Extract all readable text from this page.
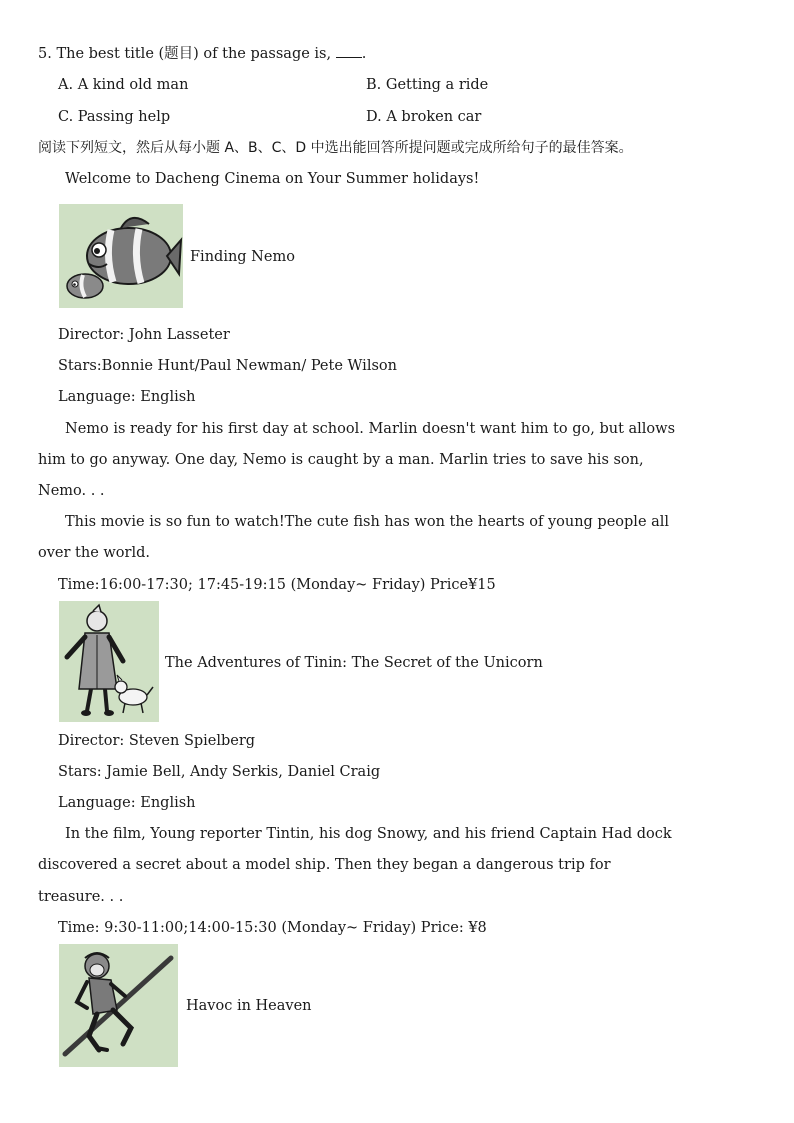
5. The best title (题目) of the passage is, .
A. A kind old man	B. Getting a ride
C. Passing help	D. A broken car
阅读下列短文，然后从每小题 A、B、C、D 中选出能回答所提问题或完成所给句子的最佳答案。
Welcome to Dacheng Cinema on Your Summer holidays!
Finding Nemo
Director: John Lasseter
Stars:Bonnie Hunt/Paul Newman/ Pete Wilson
Language: English
Nemo is ready for his first day at school. Marlin doesn't want him to go, but allows
him to go anyway. One day, Nemo is caught by a man. Marlin tries to save his son,
Nemo. . .
This movie is so fun to watch!The cute fish has won the hearts of young people all
over the world.
Time:16:00-17:30; 17:45-19:15 (Monday~ Friday) Price¥15
The Adventures of Tinin: The Secret of the Unicorn
Director: Steven Spielberg
Stars: Jamie Bell, Andy Serkis, Daniel Craig
Language: English
In the film, Young reporter Tintin, his dog Snowy, and his friend Captain Had dock
discovered a secret about a model ship. Then they began a dangerous trip for
treasure. . .
Time: 9:30-11:00;14:00-15:30 (Monday~ Friday) Price: ¥8
Havoc in Heaven
